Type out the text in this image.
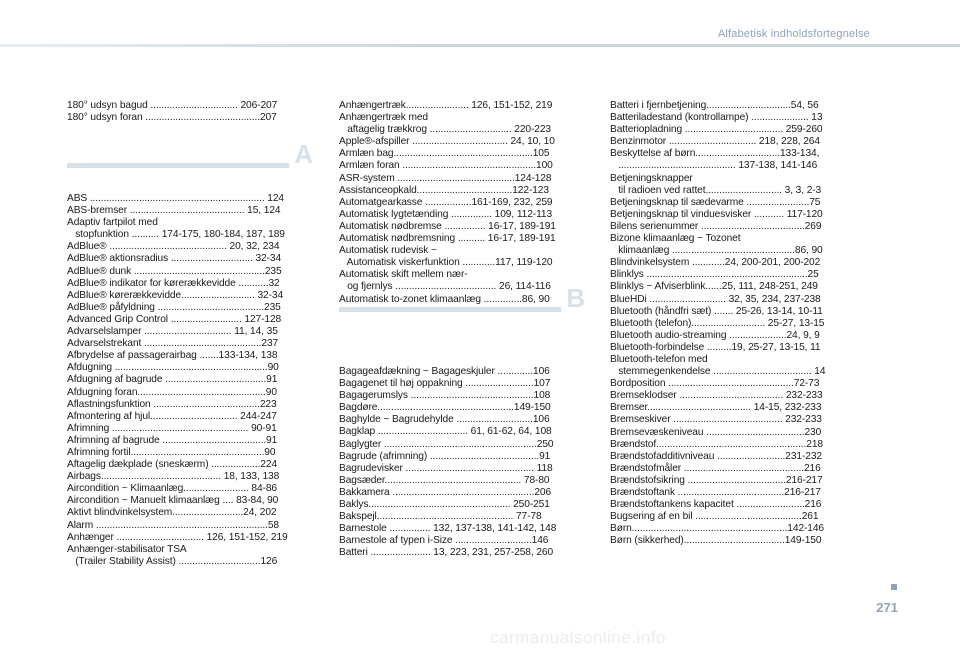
Alfabetisk indholdsfortegnelse
180° udsyn bagud ................................ 206-207
180° udsyn foran ..........................................207
A
ABS ................................................................ 124
ABS-bremser .......................................... 15, 124
Adaptiv fartpilot med
stopfunktion .......... 174-175, 180-184, 187, 189
AdBlue® ........................................... 20, 32, 234
AdBlue® aktionsradius .............................. 32-34
AdBlue® dunk ................................................235
AdBlue® indikator for kørerækkevidde ...........32
AdBlue® kørerækkevidde........................... 32-34
AdBlue® påfyldning .......................................235
Advanced Grip Control .......................... 127-128
Advarselslamper ................................ 11, 14, 35
Advarselstrekant ...........................................237
Afbrydelse af passagerairbag .......133-134, 138
Afdugning ........................................................90
Afdugning af bagrude .....................................91
Afdugning foran...............................................90
Aflastningsfunktion .......................................223
Afmontering af hjul................................ 244-247
Afrimning .................................................. 90-91
Afrimning af bagrude ......................................91
Afrimning fortil.................................................90
Aftagelig dækplade (sneskærm) ..................224
Airbags............................................ 18, 133, 138
Aircondition ~ Klimaanlæg........................ 84-86
Aircondition ~ Manuelt klimaanlæg .... 83-84, 90
Aktivt blindvinkelsystem..........................24, 202
Alarm ...............................................................58
Anhænger ................................ 126, 151-152, 219
Anhænger-stabilisator TSA
(Trailer Stability Assist) ..............................126
Anhængertræk....................... 126, 151-152, 219
Anhængertræk med
aftagelig trækkrog .............................. 220-223
Apple®-afspiller ................................... 24, 10, 10
Armlæn bag...................................................105
Armlæn foran .................................................100
ASR-system ...........................................124-128
Assistanceopkald...................................122-123
Automatgearkasse .................161-169, 232, 259
Automatisk lygtetænding ............... 109, 112-113
Automatisk nødbremse ............... 16-17, 189-191
Automatisk nødbremsning .......... 16-17, 189-191
Automatisk rudevisk ~
Automatisk viskerfunktion ............117, 119-120
Automatisk skift mellem nær-
og fjernlys ..................................... 26, 114-116
Automatisk to-zonet klimaanlæg ..............86, 90 B
Bagageafdækning ~ Bagageskjuler .............106
Bagagenet til høj oppakning .........................107
Bagagerumslys .............................................108
Bagdøre..................................................149-150
Baghylde ~ Bagrudehylde ............................106
Bagklap ................................. 61, 61-62, 64, 108
Baglygter ........................................................250
Bagrude (afrimning) ........................................91
Bagrudevisker ............................................... 118
Bagsæder.................................................. 78-80
Bakkamera ....................................................206
Baklys.................................................... 250-251
Bakspejl.................................................. 77-78
Barnestole ............... 132, 137-138, 141-142, 148
Barnestole af typen i-Size ............................146
Batteri ...................... 13, 223, 231, 257-258, 260
Batteri i fjernbetjening...............................54, 56
Batteriladestand (kontrollampe) ..................... 13
Batteriopladning .................................... 259-260
Benzinmotor ................................ 218, 228, 264
Beskyttelse af børn...............................133-134,
........................................... 137-138, 141-146
Betjeningsknapper
til radioen ved rattet............................ 3, 3, 2-3
Betjeningsknap til sædevarme .......................75
Betjeningsknap til vinduesvisker ........... 117-120
Bilens serienummer ......................................269
Bizone klimaanlæg ~ Tozonet
klimaanlæg .............................................86, 90
Blindvinkelsystem ............24, 200-201, 200-202
Blinklys ...........................................................25
Blinklys ~ Afviserblink......25, 111, 248-251, 249
BlueHDi ............................ 32, 35, 234, 237-238
Bluetooth (håndfri sæt) ....... 25-26, 13-14, 10-11
Bluetooth (telefon)........................... 25-27, 13-15
Bluetooth audio-streaming .....................24, 9, 9
Bluetooth-forbindelse .........19, 25-27, 13-15, 11
Bluetooth-telefon med
stemmegenkendelse .................................... 14
Bordposition ..............................................72-73
Bremseklodser ...................................... 232-233
Bremser...................................... 14-15, 232-233
Bremseskiver ........................................ 232-233
Bremsevæskeniveau ....................................230
Brændstof.......................................................218
Brændstofadditivniveau .........................231-232
Brændstofmåler ............................................216
Brændstofsikring ....................................216-217
Brændstoftank .......................................216-217
Brændstoftankens kapacitet .........................216
Bugsering af en bil .......................................261
Børn.........................................................142-146
Børn (sikkerhed).....................................149-150
271
carmanualsonline.info
